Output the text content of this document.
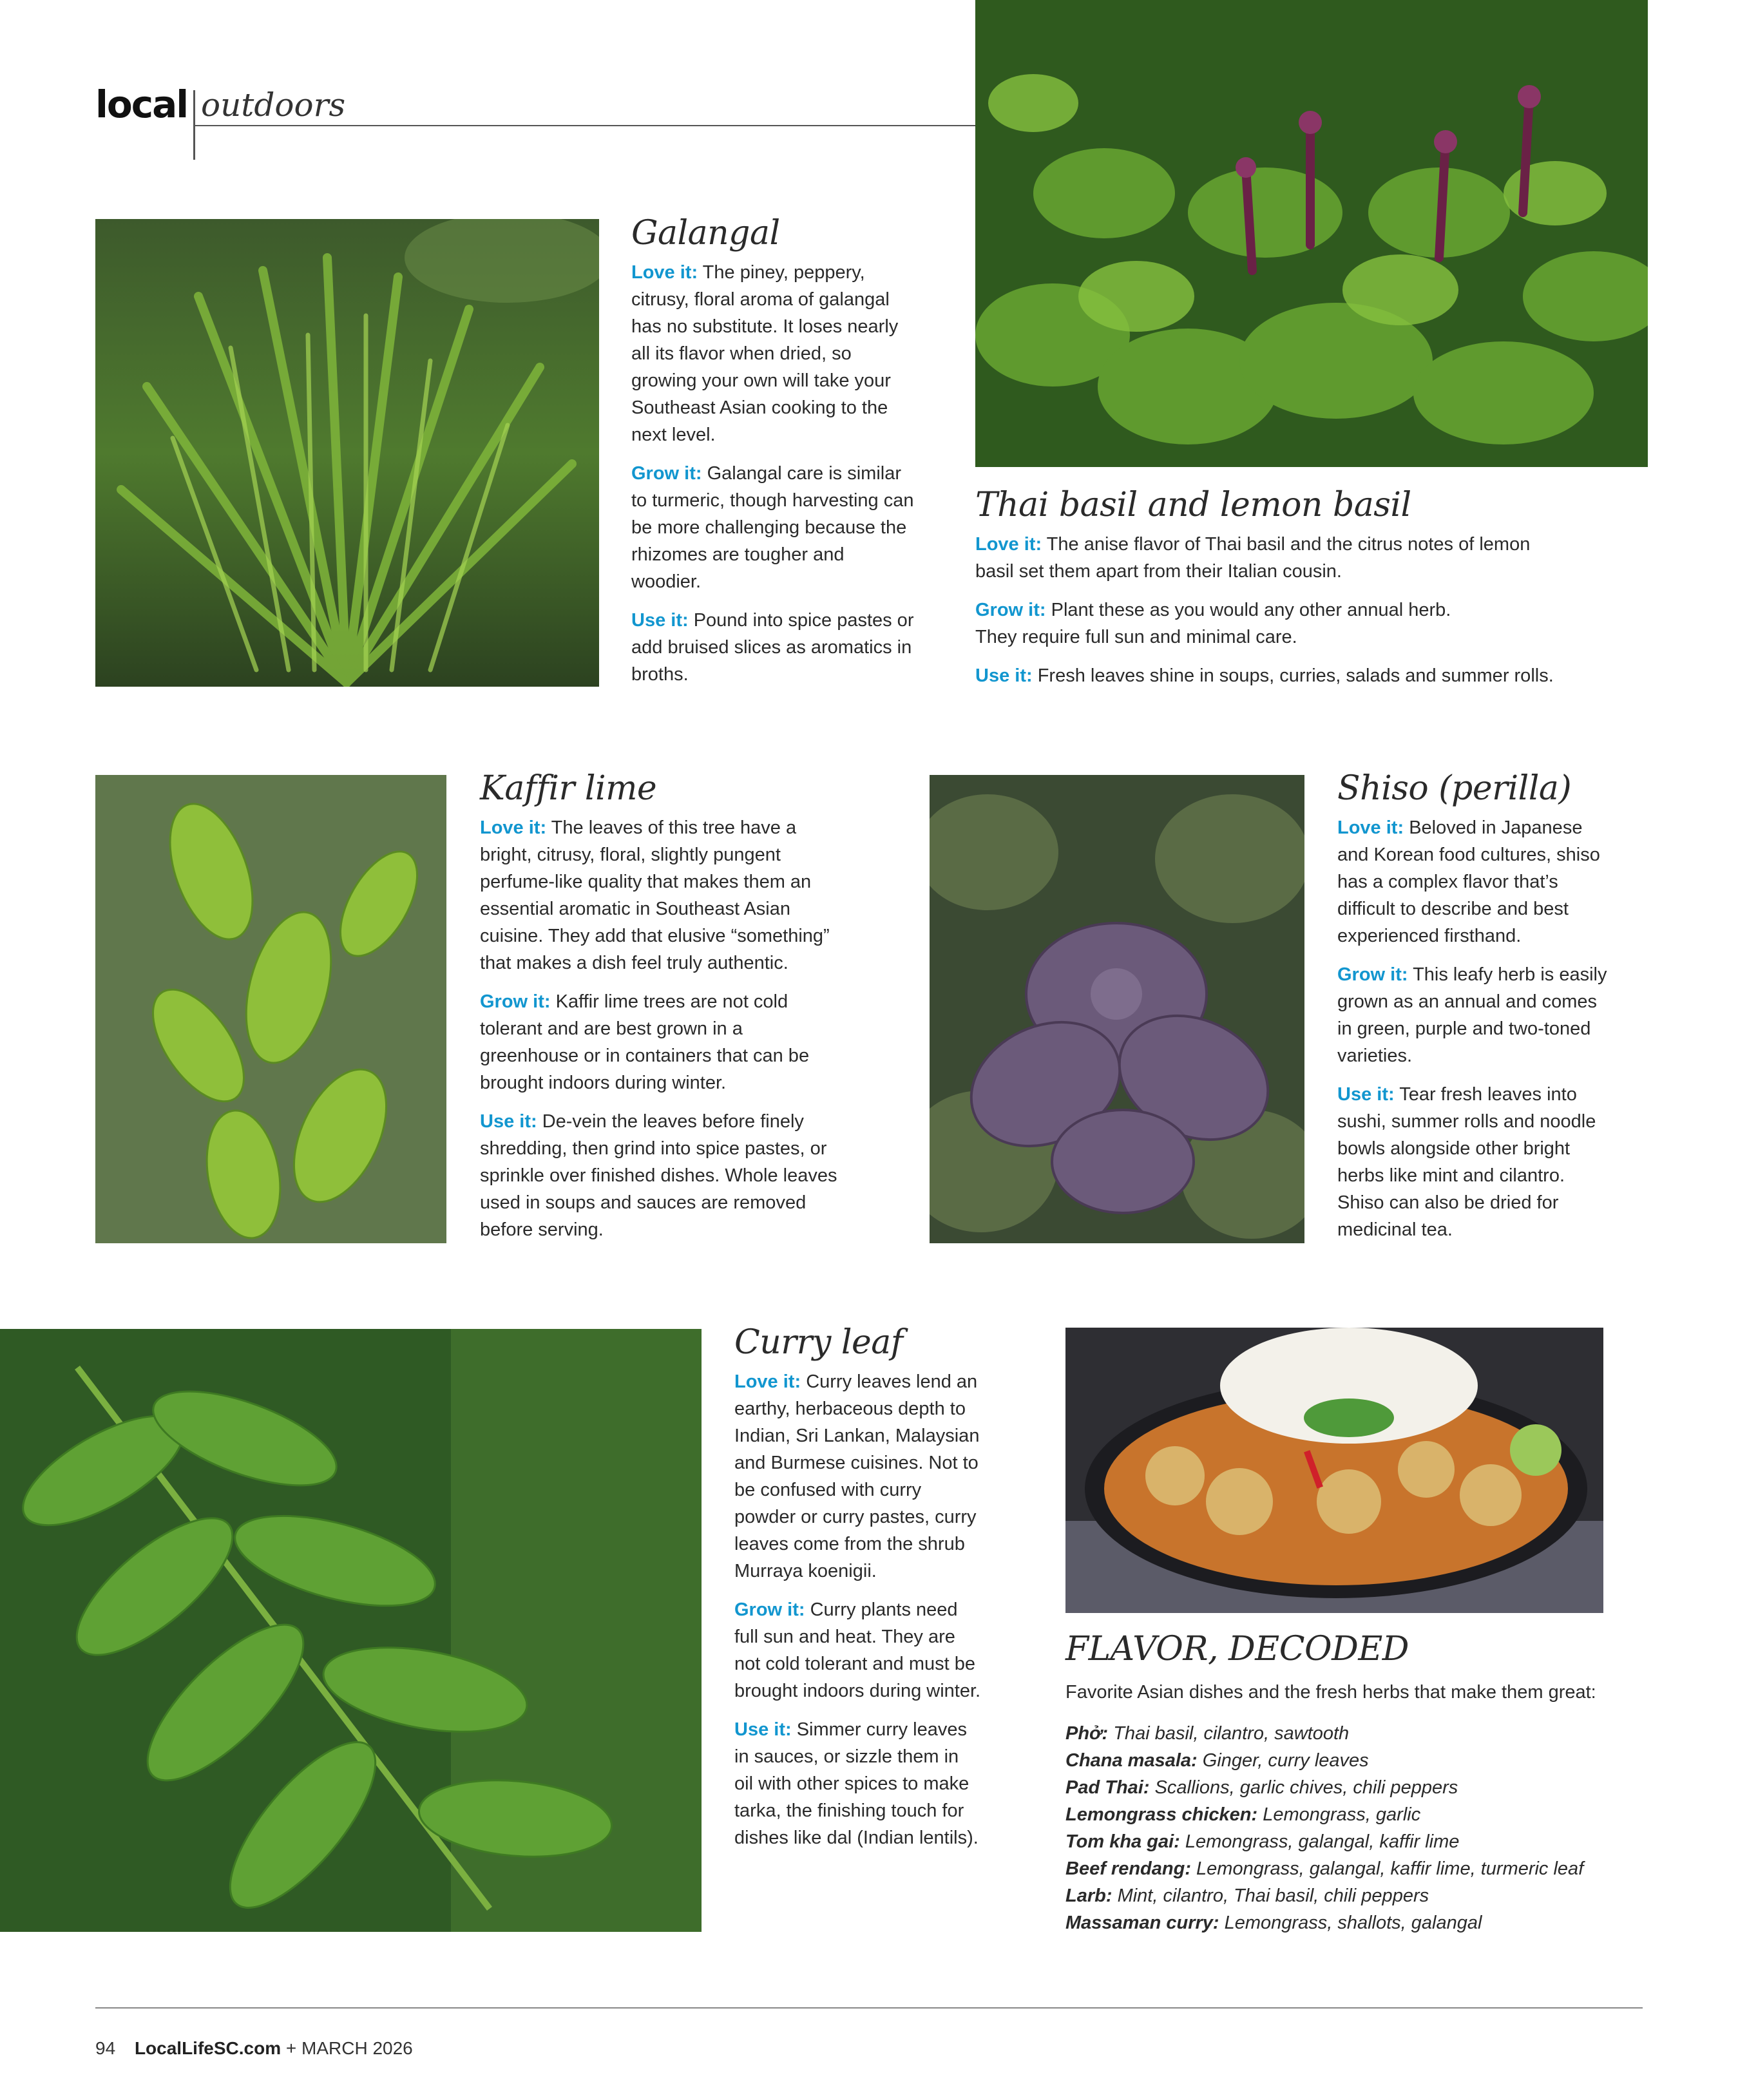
local outdoors
Galangal

Love it: The piney, peppery, citrusy, floral aroma of galangal has no substitute. It loses nearly all its flavor when dried, so growing your own will take your Southeast Asian cooking to the next level.

Grow it: Galangal care is similar to turmeric, though harvesting can be more challenging because the rhizomes are tougher and woodier.

Use it: Pound into spice pastes or add bruised slices as aromatics in broths.

Thai basil and lemon basil

Love it: The anise flavor of Thai basil and the citrus notes of lemon basil set them apart from their Italian cousin.

Grow it: Plant these as you would any other annual herb. They require full sun and minimal care.

Use it: Fresh leaves shine in soups, curries, salads and summer rolls.

Kaffir lime

Love it: The leaves of this tree have a bright, citrusy, floral, slightly pungent perfume-like quality that makes them an essential aromatic in Southeast Asian cuisine. They add that elusive “something” that makes a dish feel truly authentic.

Grow it: Kaffir lime trees are not cold tolerant and are best grown in a greenhouse or in containers that can be brought indoors during winter.

Use it: De-vein the leaves before finely shredding, then grind into spice pastes, or sprinkle over finished dishes. Whole leaves used in soups and sauces are removed before serving.

Shiso (perilla)

Love it: Beloved in Japanese and Korean food cultures, shiso has a complex flavor that’s difficult to describe and best experienced firsthand.

Grow it: This leafy herb is easily grown as an annual and comes in green, purple and two-toned varieties.

Use it: Tear fresh leaves into sushi, summer rolls and noodle bowls alongside other bright herbs like mint and cilantro. Shiso can also be dried for medicinal tea.

Curry leaf

Love it: Curry leaves lend an earthy, herbaceous depth to Indian, Sri Lankan, Malaysian and Burmese cuisines. Not to be confused with curry powder or curry pastes, curry leaves come from the shrub Murraya koenigii.

Grow it: Curry plants need full sun and heat. They are not cold tolerant and must be brought indoors during winter.

Use it: Simmer curry leaves in sauces, or sizzle them in oil with other spices to make tarka, the finishing touch for dishes like dal (Indian lentils).

FLAVOR, DECODED

Favorite Asian dishes and the fresh herbs that make them great:

Phở: Thai basil, cilantro, sawtooth

Chana masala: Ginger, curry leaves

Pad Thai: Scallions, garlic chives, chili peppers

Lemongrass chicken: Lemongrass, garlic

Tom kha gai: Lemongrass, galangal, kaffir lime

Beef rendang: Lemongrass, galangal, kaffir lime, turmeric leaf

Larb: Mint, cilantro, Thai basil, chili peppers

Massaman curry: Lemongrass, shallots, galangal

94 LocalLifeSC.com + MARCH 2026
